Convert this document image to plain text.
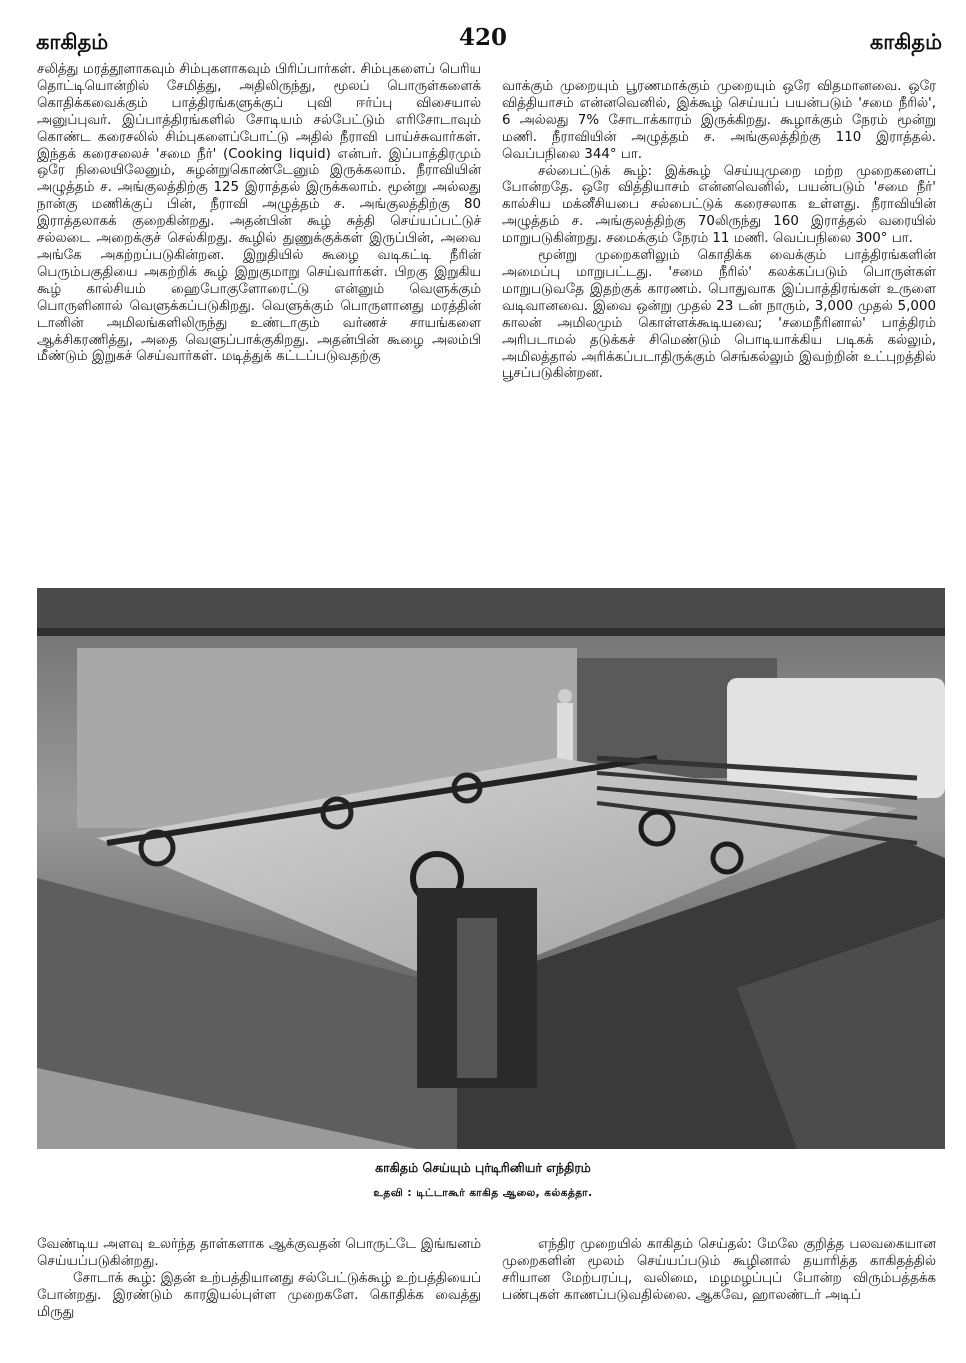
காகிதம்	420	காகிதம்

சலித்து மரத்தூளாகவும் சிம்புகளாகவும் பிரிப்பார்கள். சிம்புகளைப் பெரிய தொட்டியொன்றில் சேமித்து, அதிலிருந்து, மூலப் பொருள்களைக் கொதிக்கவைக்கும் பாத்திரங்களுக்குப் புவி ஈர்ப்பு விசையால் அனுப்புவர். இப்பாத்திரங்களில் சோடியம் சல்பேட்டும் எரிசோடாவும் கொண்ட கரைசலில் சிம்புகளைப்போட்டு அதில் நீராவி பாய்ச்சுவார்கள். இந்தக் கரைசலைச் 'சமை நீர்' (Cooking liquid) என்பர். இப்பாத்திரமும் ஒரே நிலையிலேனும், சுழன்றுகொண்டேனும் இருக்கலாம். நீராவியின் அழுத்தம் ச. அங்குலத்திற்கு 125 இராத்தல் இருக்கலாம். மூன்று அல்லது நான்கு மணிக்குப் பின், நீராவி அழுத்தம் ச. அங்குலத்திற்கு 80 இராத்தலாகக் குறைகின்றது. அதன்பின் கூழ் சுத்தி செய்யப்பட்டுச் சல்லடை அறைக்குச் செல்கிறது. கூழில் துணுக்குக்கள் இருப்பின், அவை அங்கே அகற்றப்படுகின்றன. இறுதியில் கூழை வடிகட்டி நீரின் பெரும்பகுதியை அகற்றிக் கூழ் இறுகுமாறு செய்வார்கள். பிறகு இறுகிய கூழ் கால்சியம் ஹைபோகுளோரைட்டு என்னும் வெளுக்கும் பொருளினால் வெளுக்கப்படுகிறது. வெளுக்கும் பொருளானது மரத்தின் டானின் அமிலங்களிலிருந்து உண்டாகும் வர்ணச் சாயங்களை ஆக்சிகரணித்து, அதை வெளுப்பாக்குகிறது. அதன்பின் கூழை அலம்பி மீண்டும் இறுகச் செய்வார்கள். மடித்துக் கட்டப்படுவதற்கு

வாக்கும் முறையும் பூரணமாக்கும் முறையும் ஒரே விதமானவை. ஒரே வித்தியாசம் என்னவெனில், இக்கூழ் செய்யப் பயன்படும் 'சமை நீரில்', 6 அல்லது 7% சோடாக்காரம் இருக்கிறது. கூழாக்கும் நேரம் மூன்று மணி. நீராவியின் அழுத்தம் ச. அங்குலத்திற்கு 110 இராத்தல். வெப்பநிலை 344° பா.

சல்பைட்டுக் கூழ்: இக்கூழ் செய்யுமுறை மற்ற முறைகளைப் போன்றதே. ஒரே வித்தியாசம் என்னவெனில், பயன்படும் 'சமை நீர்' கால்சிய மக்னீசியபை சல்பைட்டுக் கரைசலாக உள்ளது. நீராவியின் அழுத்தம் ச. அங்குலத்திற்கு 70லிருந்து 160 இராத்தல் வரையில் மாறுபடுகின்றது. சமைக்கும் நேரம் 11 மணி. வெப்பநிலை 300° பா.

மூன்று முறைகளிலும் கொதிக்க வைக்கும் பாத்திரங்களின் அமைப்பு மாறுபட்டது. 'சமை நீரில்' கலக்கப்படும் பொருள்கள் மாறுபடுவதே இதற்குக் காரணம். பொதுவாக இப்பாத்திரங்கள் உருளை வடிவானவை. இவை ஒன்று முதல் 23 டன் நாரும், 3,000 முதல் 5,000 காலன் அமிலமும் கொள்ளக்கூடியவை; 'சமைநீரினால்' பாத்திரம் அரிபடாமல் தடுக்கச் சிமெண்டும் பொடியாக்கிய படிகக் கல்லும், அமிலத்தால் அரிக்கப்படாதிருக்கும் செங்கல்லும் இவற்றின் உட்புறத்தில் பூசப்படுகின்றன.

காகிதம் செய்யும் புர்டிரினியர் எந்திரம்
உதவி : டிட்டாகூர் காகித ஆலை, கல்கத்தா.

வேண்டிய அளவு உலர்ந்த தாள்களாக ஆக்குவதன் பொருட்டே இங்ஙனம் செய்யப்படுகின்றது.

சோடாக் கூழ்: இதன் உற்பத்தியானது சல்பேட்டுக்கூழ் உற்பத்தியைப் போன்றது. இரண்டும் காரஇயல்புள்ள முறைகளே. கொதிக்க வைத்து மிருது

எந்திர முறையில் காகிதம் செய்தல்: மேலே குறித்த பலவகையான முறைகளின் மூலம் செய்யப்படும் கூழினால் தயாரித்த காகிதத்தில் சரியான மேற்பரப்பு, வலிமை, மழமழப்புப் போன்ற விரும்பத்தக்க பண்புகள் காணப்படுவதில்லை. ஆகவே, ஹாலண்டர் அடிப்
